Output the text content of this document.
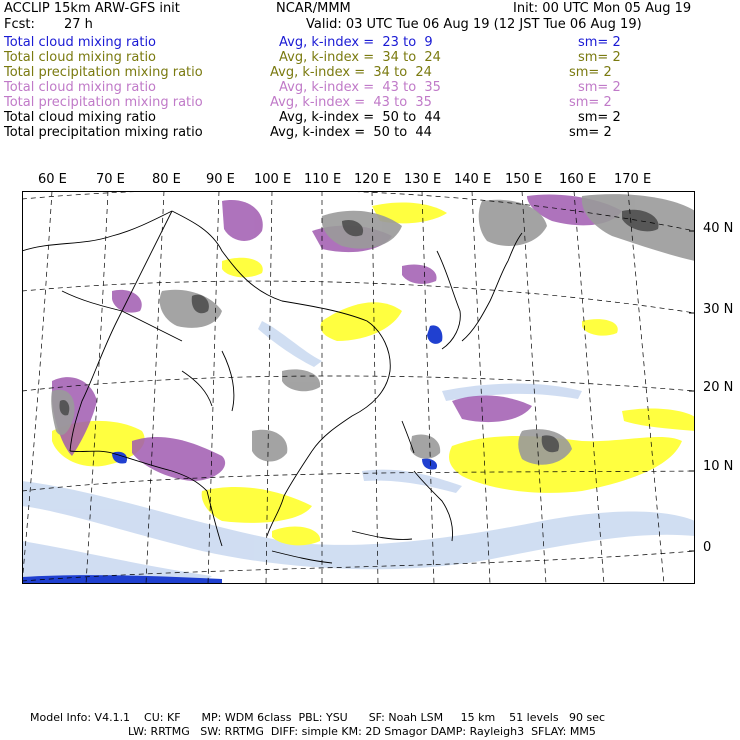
ACCLIP 15km ARW-GFS init	NCAR/MMM	Init: 00 UTC Mon 05 Aug 19
Fcst: 27 h	Valid: 03 UTC Tue 06 Aug 19 (12 JST Tue 06 Aug 19)
Total cloud mixing ratio	Avg, k-index =  23 to  9	sm= 2
Total cloud mixing ratio	Avg, k-index =  34 to  24	sm= 2
Total precipitation mixing ratio	Avg, k-index =  34 to  24	sm= 2
Total cloud mixing ratio	Avg, k-index =  43 to  35	sm= 2
Total precipitation mixing ratio	Avg, k-index =  43 to  35	sm= 2
Total cloud mixing ratio	Avg, k-index =  50 to  44	sm= 2
Total precipitation mixing ratio	Avg, k-index =  50 to  44	sm= 2
60 E 70 E 80 E 90 E 100 E 110 E 120 E 130 E 140 E 150 E 160 E 170 E
40 N
30 N
20 N
10 N
0
Model Info: V4.1.1    CU: KF      MP: WDM 6class  PBL: YSU      SF: Noah LSM     15 km    51 levels   90 sec
LW: RRTMG   SW: RRTMG  DIFF: simple KM: 2D Smagor DAMP: Rayleigh3  SFLAY: MM5
